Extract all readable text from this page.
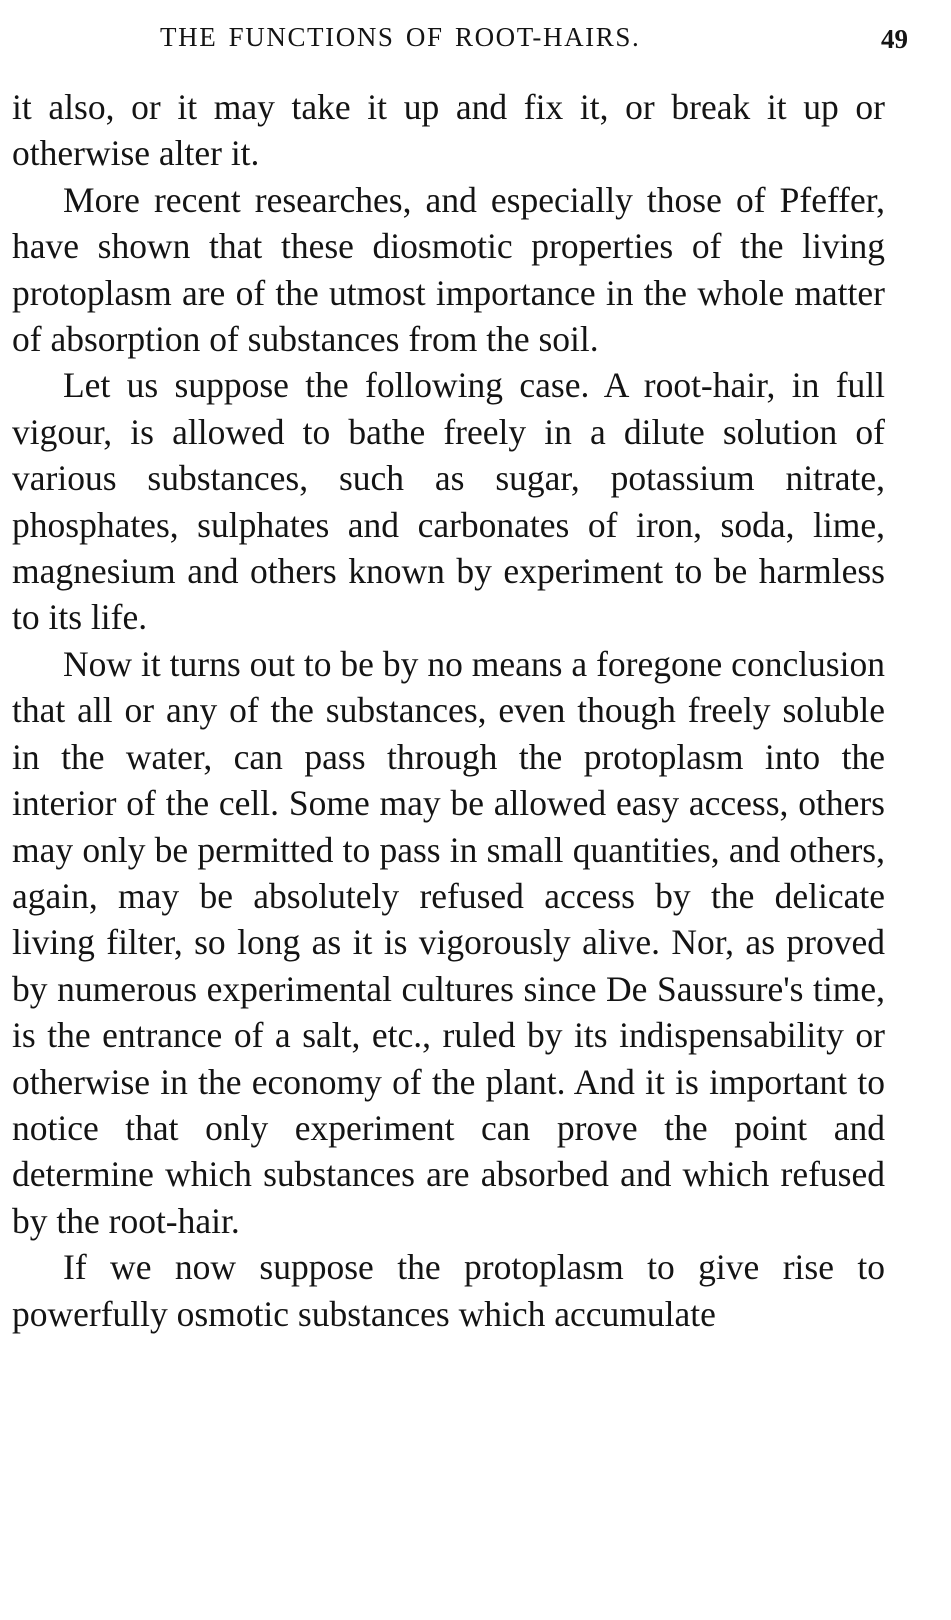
THE FUNCTIONS OF ROOT-HAIRS.	49

it also, or it may take it up and fix it, or break it up or otherwise alter it.

More recent researches, and especially those of Pfeffer, have shown that these diosmotic properties of the living protoplasm are of the utmost importance in the whole matter of absorption of substances from the soil.

Let us suppose the following case. A root-hair, in full vigour, is allowed to bathe freely in a dilute solution of various substances, such as sugar, potassium nitrate, phosphates, sulphates and carbonates of iron, soda, lime, magnesium and others known by experiment to be harmless to its life.

Now it turns out to be by no means a foregone conclusion that all or any of the substances, even though freely soluble in the water, can pass through the protoplasm into the interior of the cell. Some may be allowed easy access, others may only be permitted to pass in small quantities, and others, again, may be absolutely refused access by the delicate living filter, so long as it is vigorously alive. Nor, as proved by numerous experimental cultures since De Saussure's time, is the entrance of a salt, etc., ruled by its indispensability or otherwise in the economy of the plant. And it is important to notice that only experiment can prove the point and determine which substances are absorbed and which refused by the root-hair.

If we now suppose the protoplasm to give rise to powerfully osmotic substances which accumulate
